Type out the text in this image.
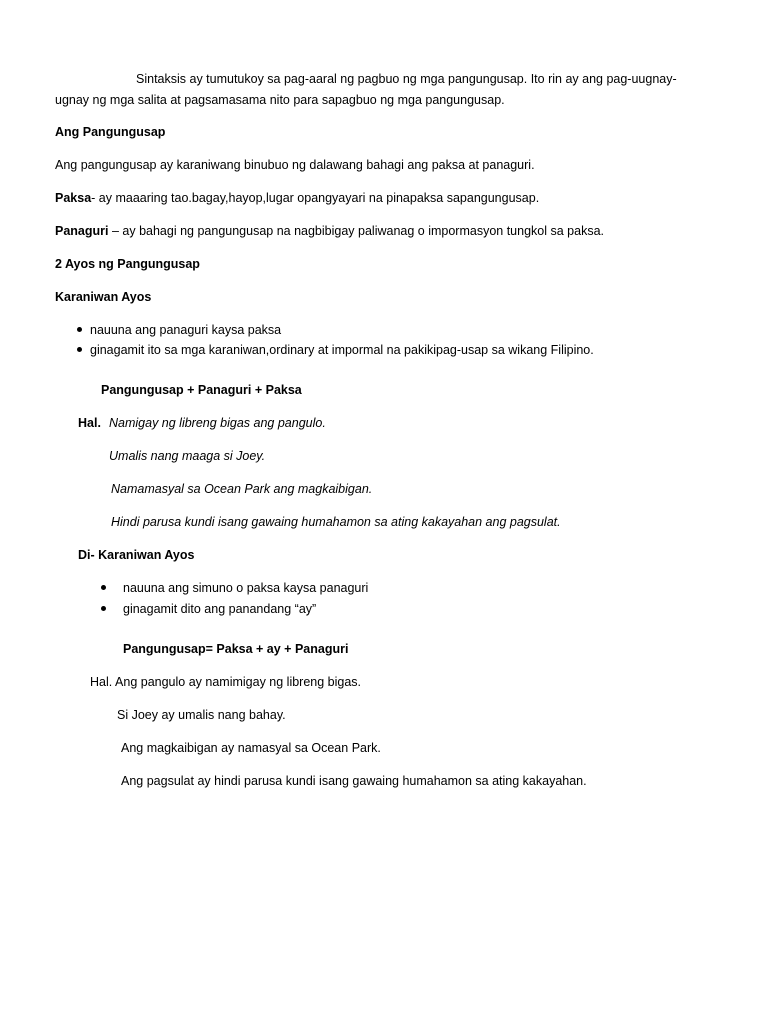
Sintaksis ay tumutukoy sa pag-aaral ng pagbuo ng mga pangungusap. Ito rin ay ang pag-uugnay-
ugnay ng mga salita at pagsamasama nito para sapagbuo ng mga pangungusap.
Ang Pangungusap
Ang pangungusap ay karaniwang binubuo ng dalawang bahagi ang paksa at panaguri.
Paksa- ay maaaring tao.bagay,hayop,lugar opangyayari na pinapaksa sapangungusap.
Panaguri – ay bahagi ng pangungusap na nagbibigay paliwanag o impormasyon tungkol sa paksa.
2 Ayos ng Pangungusap
Karaniwan Ayos
nauuna ang panaguri kaysa paksa
ginagamit ito sa mga karaniwan,ordinary at impormal na pakikipag-usap sa wikang Filipino.
Pangungusap + Panaguri + Paksa
Hal. Namigay ng libreng bigas ang pangulo.
Umalis nang maaga si Joey.
Namamasyal sa Ocean Park ang magkaibigan.
Hindi parusa kundi isang gawaing humahamon sa ating kakayahan ang pagsulat.
Di- Karaniwan Ayos
nauuna ang simuno o paksa kaysa panaguri
ginagamit dito ang panandang “ay”
Pangungusap= Paksa + ay + Panaguri
Hal. Ang pangulo ay namimigay ng libreng bigas.
Si Joey ay umalis nang bahay.
Ang magkaibigan ay namasyal sa Ocean Park.
Ang pagsulat ay hindi parusa kundi isang gawaing humahamon sa ating kakayahan.
